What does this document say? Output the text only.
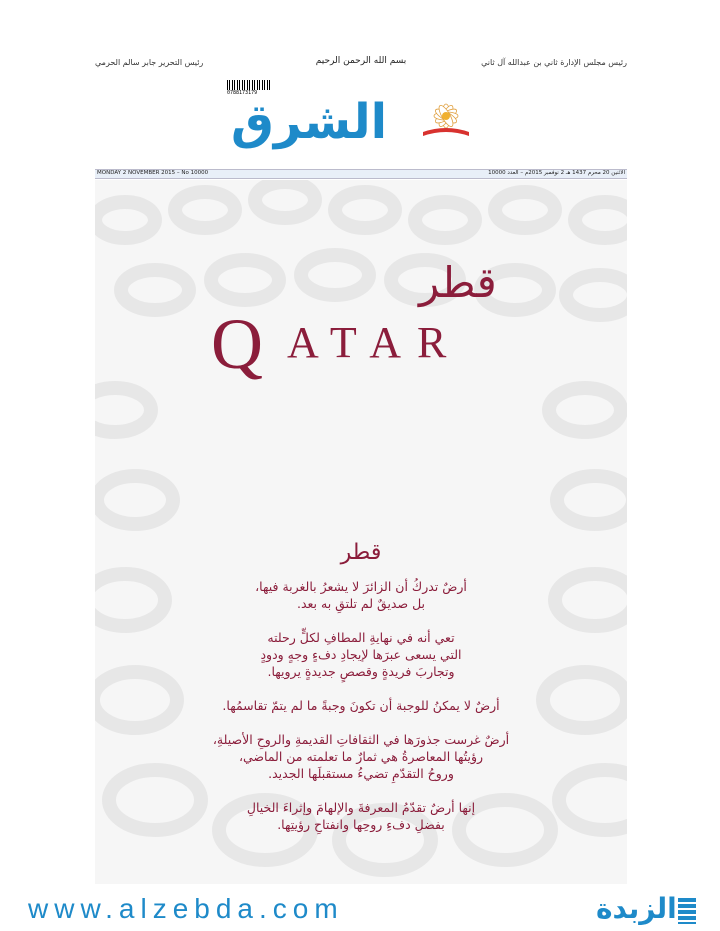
بسم الله الرحمن الرحيم	رئيس مجلس الإدارة ثاني بن عبدالله آل ثاني
رئيس التحرير جابر سالم الحرمي
0788173179
الشرق
MONDAY 2 NOVEMBER 2015 – No 10000	الاثنين 20 محرم 1437 هـ 2 نوفمبر 2015م – العدد 10000
قطر
Q ATAR
قطر
أرضٌ تدركُ أن الزائرَ لا يشعرُ بالغربة فيها،
بل صديقٌ لم تلتقِ به بعد.
تعي أنه في نهايةِ المطافِ لكلٍّ رحلته
التي يسعى عبرَها لإيجادِ دفءٍ وجهٍ ودودٍ
وتجاربَ فريدةٍ وقصصٍ جديدةٍ يرويها.
أرضٌ لا يمكنُ للوجبة أن تكونَ وجبةً ما لم يتمّ تقاسمُها.
أرضٌ غرست جذورَها في الثقافاتِ القديمةِ والروحِ الأصيلةِ،
رؤيتُها المعاصرةُ هي ثمارٌ ما تعلمته من الماضي،
وروحُ التقدّمِ تضيءُ مستقبلَها الجديد.
إنها أرضٌ تقدّمُ المعرفةَ والإلهامَ وإثراءَ الخيالِ
بفضلِ دفءِ روحِها وانفتاحِ رؤيتِها.
www.alzebda.com	الزبدة
